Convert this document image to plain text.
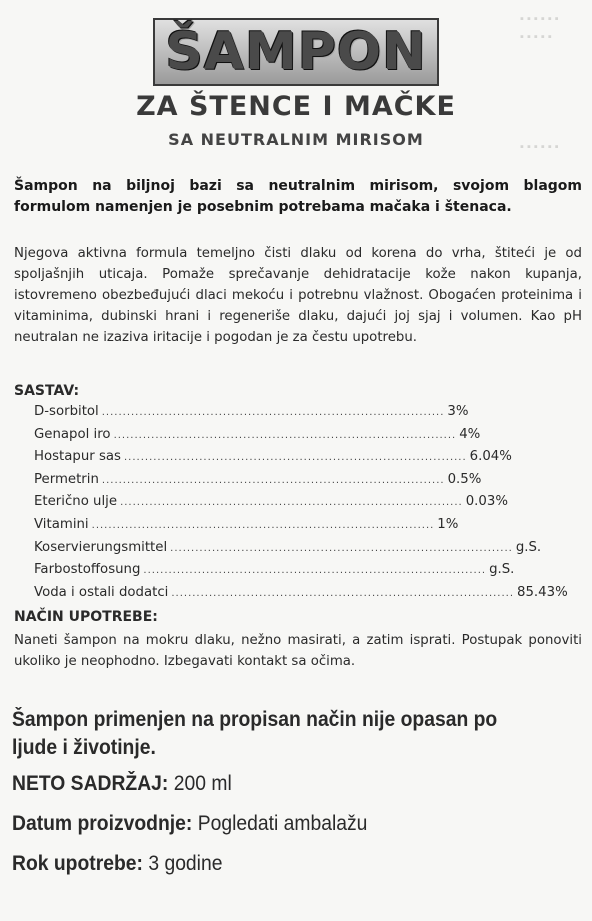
▪ ▪ ▪ ▪ ▪ ▪
▪ ▪ ▪ ▪ ▪
▪ ▪ ▪ ▪ ▪ ▪
ŠAMPON
ZA ŠTENCE I MAČKE
SA NEUTRALNIM MIRISOM
Šampon na biljnoj bazi sa neutralnim mirisom, svojom blagom formulom namenjen je posebnim potrebama mačaka i štenaca.
Njegova aktivna formula temeljno čisti dlaku od korena do vrha, štiteći je od spoljašnjih uticaja. Pomaže sprečavanje dehidratacije kože nakon kupanja, istovremeno obezbeđujući dlaci mekoću i potrebnu vlažnost. Obogaćen proteinima i vitaminima, dubinski hrani i regeneriše dlaku, dajući joj sjaj i volumen. Kao pH neutralan ne izaziva iritacije i pogodan je za čestu upotrebu.
SASTAV:
D-sorbitol .................................................................................. 3%
Genapol iro .................................................................................. 4%
Hostapur sas .................................................................................. 6.04%
Permetrin .................................................................................. 0.5%
Eterično ulje .................................................................................. 0.03%
Vitamini .................................................................................. 1%
Koservierungsmittel .................................................................................. g.S.
Farbostoffosung .................................................................................. g.S.
Voda i ostali dodatci .................................................................................. 85.43%
NAČIN UPOTREBE:
Naneti šampon na mokru dlaku, nežno masirati, a zatim isprati. Postupak ponoviti ukoliko je neophodno. Izbegavati kontakt sa očima.
Šampon primenjen na propisan način nije opasan po ljude i životinje.
NETO SADRŽAJ: 200 ml
Datum proizvodnje: Pogledati ambalažu
Rok upotrebe: 3 godine
